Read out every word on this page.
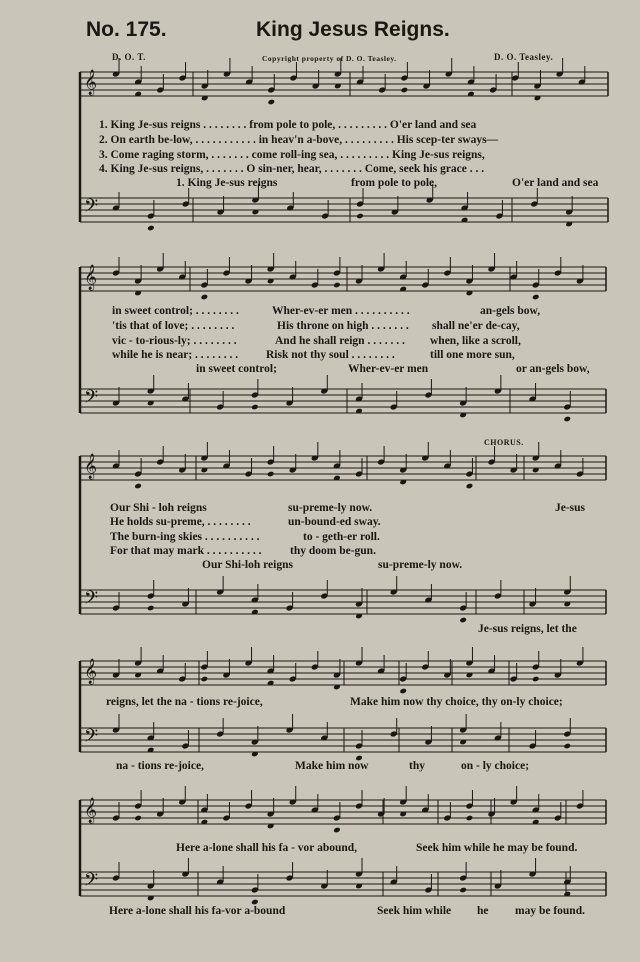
No. 175.	King Jesus Reigns.
D. O. T.	Copyright property of D. O. Teasley.	D. O. Teasley.
CHORUS.
𝄞
𝄢
𝄞
𝄢
𝄞
𝄢
𝄞
𝄢
𝄞
𝄢
1. King Je-sus reigns . . . . . . . . from pole to pole, . . . . . . . . . O'er land and sea
2. On earth be-low, . . . . . . . . . . . in heav'n a-bove, . . . . . . . . . His scep-ter sways—
3. Come raging storm, . . . . . . . come roll-ing sea, . . . . . . . . . King Je-sus reigns,
4. King Je-sus reigns, . . . . . . . O sin-ner, hear, . . . . . . . Come, seek his grace . . .
1. King Je-sus reigns	from pole to pole,	O'er land and sea
in sweet control; . . . . . . . .	Wher-ev-er men . . . . . . . . . .	an-gels bow,
'tis that of love; . . . . . . . .	His throne on high . . . . . . . shall ne'er de-cay,
vic - to-rious-ly; . . . . . . . .	And he shall reign . . . . . . . when, like a scroll,
while he is near; . . . . . . . . Risk not thy soul . . . . . . . .	till one more sun,
in sweet control;	Wher-ev-er men	or an-gels bow,
Our Shi - loh reigns	su-preme-ly now.	Je-sus
He holds su-preme, . . . . . . . .	un-bound-ed sway.
The burn-ing skies . . . . . . . . . .	to - geth-er roll.
For that may mark . . . . . . . . . . thy doom be-gun.
Our Shi-loh reigns	su-preme-ly now.
Je-sus reigns, let the
reigns, let the na - tions re-joice,	Make him now thy choice, thy on-ly choice;
na - tions re-joice,	Make him now	thy	on - ly choice;
Here a-lone shall his fa - vor abound,	Seek him while he may be found.
Here a-lone shall his fa-vor a-bound	Seek him while he may be found.
